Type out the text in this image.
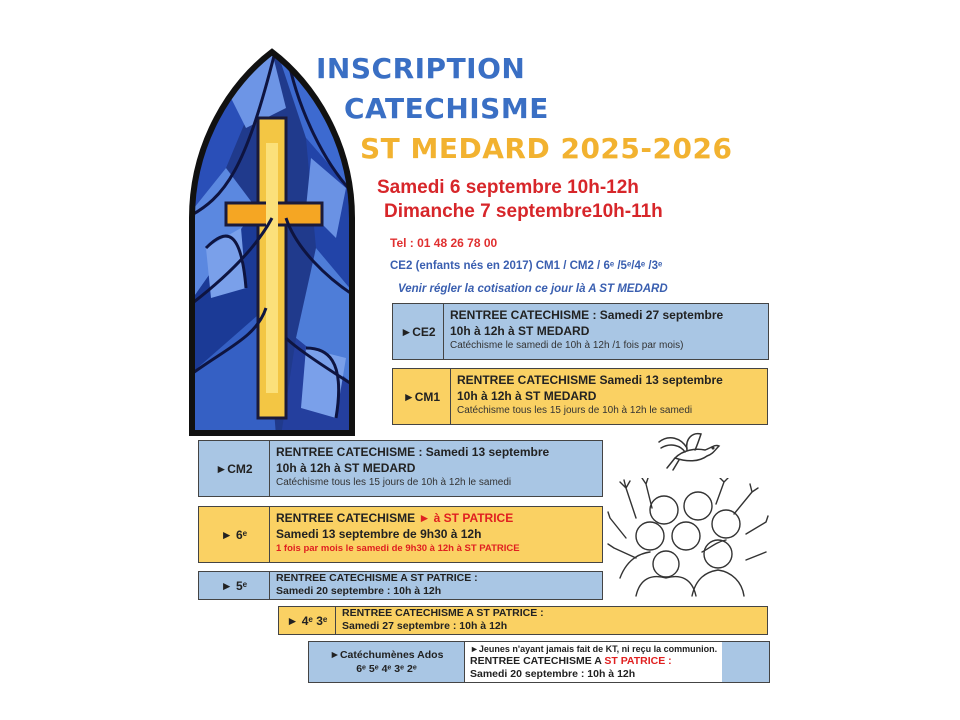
INSCRIPTION
CATECHISME
ST MEDARD 2025-2026
Samedi 6 septembre 10h-12h
Dimanche 7 septembre10h-11h
Tel : 01 48 26 78 00
CE2 (enfants nés en 2017) CM1 / CM2 / 6ᵉ /5ᵉ/4ᵉ /3ᵉ
Venir régler la cotisation ce jour là A ST MEDARD
►CE2
RENTREE CATECHISME : Samedi 27 septembre
10h à 12h à ST MEDARD
Catéchisme le samedi de 10h à 12h /1 fois par mois)
►CM1
RENTREE CATECHISME Samedi 13 septembre
10h à 12h à ST MEDARD
Catéchisme tous les 15 jours de 10h à 12h le samedi
►CM2
RENTREE CATECHISME : Samedi 13 septembre
10h à 12h à ST MEDARD
Catéchisme tous les 15 jours de 10h à 12h le samedi
► 6ᵉ
RENTREE CATECHISME ► à ST PATRICE
Samedi 13 septembre de 9h30 à 12h
1 fois par mois le samedi de 9h30 à 12h à ST PATRICE
► 5ᵉ
RENTREE CATECHISME A ST PATRICE :
Samedi 20 septembre : 10h à 12h
► 4ᵉ 3ᵉ
RENTREE CATECHISME A ST PATRICE :
Samedi 27 septembre : 10h à 12h
►Catéchumènes Ados
6ᵉ 5ᵉ 4ᵉ 3ᵉ 2ᵉ
►Jeunes n'ayant jamais fait de KT, ni reçu la communion.
RENTREE CATECHISME A ST PATRICE :
Samedi 20 septembre : 10h à 12h
